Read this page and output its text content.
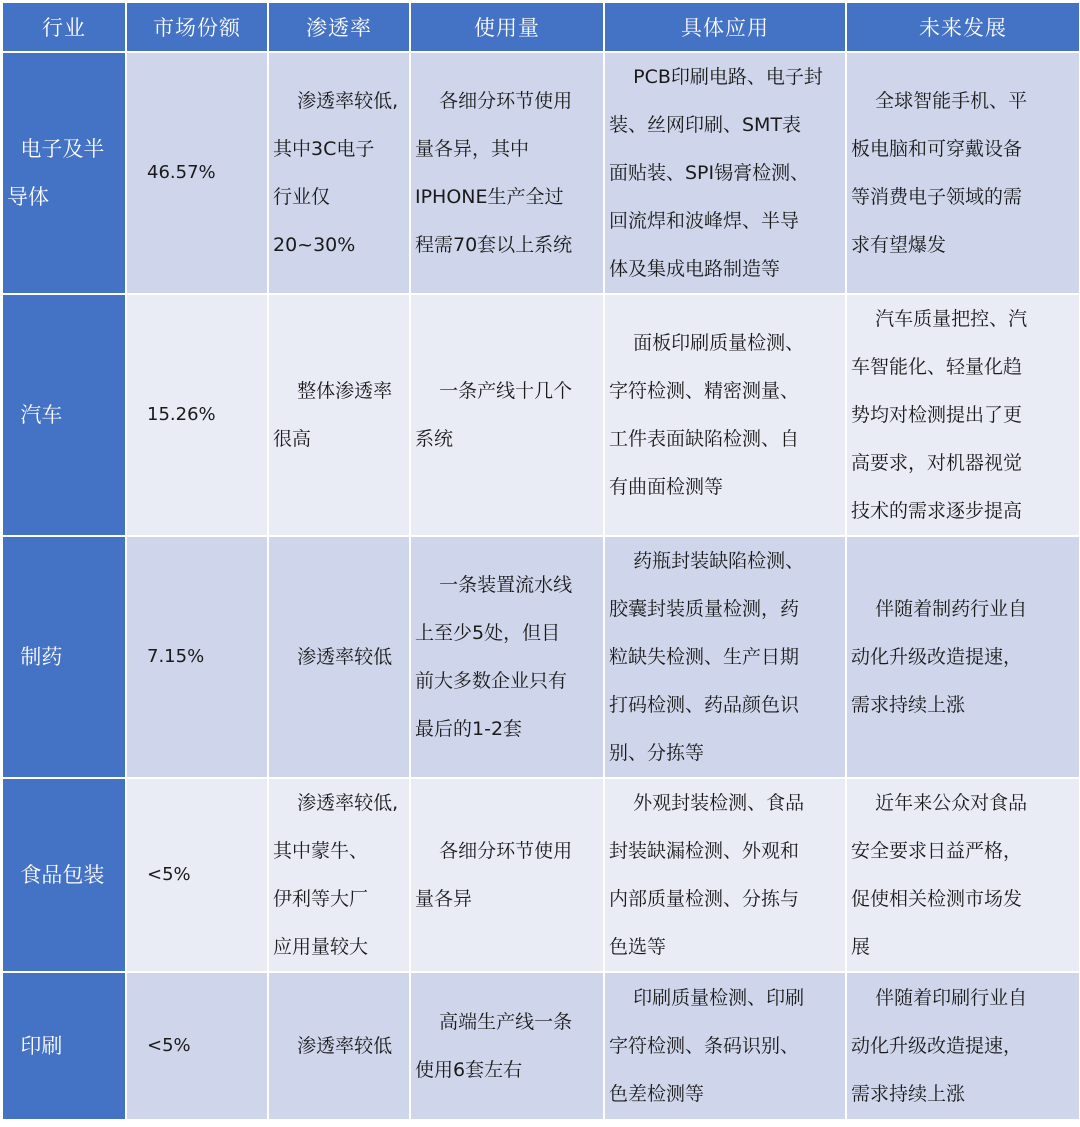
行业	市场份额	渗透率	使用量	具体应用	未来发展
电子及半
导体	46.57%	渗透率较低,
其中3C电子
行业仅
20~30%	各细分环节使用
量各异，其中
IPHONE生产全过
程需70套以上系统	PCB印刷电路、电子封
装、丝网印刷、SMT表
面贴装、SPI锡膏检测、
回流焊和波峰焊、半导
体及集成电路制造等	全球智能手机、平
板电脑和可穿戴设备
等消费电子领域的需
求有望爆发
汽车	15.26%	整体渗透率
很高	一条产线十几个
系统	面板印刷质量检测、
字符检测、精密测量、
工件表面缺陷检测、自
有曲面检测等	汽车质量把控、汽
车智能化、轻量化趋
势均对检测提出了更
高要求，对机器视觉
技术的需求逐步提高
制药	7.15%	渗透率较低	一条装置流水线
上至少5处，但目
前大多数企业只有
最后的1-2套	药瓶封装缺陷检测、
胶囊封装质量检测，药
粒缺失检测、生产日期
打码检测、药品颜色识
别、分拣等	伴随着制药行业自
动化升级改造提速，
需求持续上涨
食品包装	<5%	渗透率较低,
其中蒙牛、
伊利等大厂
应用量较大	各细分环节使用
量各异	外观封装检测、食品
封装缺漏检测、外观和
内部质量检测、分拣与
色选等	近年来公众对食品
安全要求日益严格，
促使相关检测市场发
展
印刷	<5%	渗透率较低	高端生产线一条
使用6套左右	印刷质量检测、印刷
字符检测、条码识别、
色差检测等	伴随着印刷行业自
动化升级改造提速，
需求持续上涨
